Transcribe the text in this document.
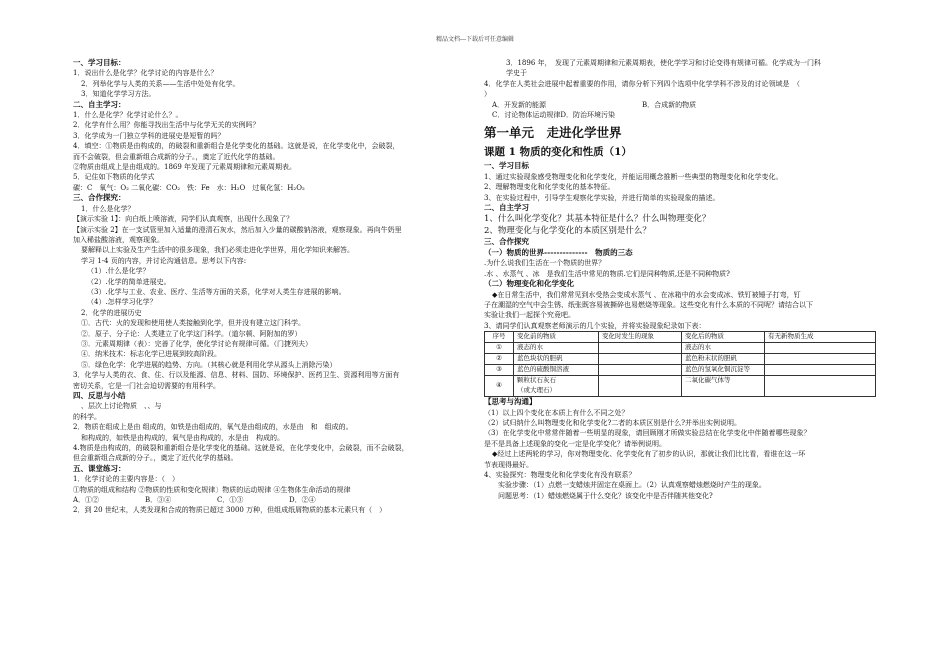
精品文档---下载后可任意编辑
一、学习目标：
1．说出什么是化学？化学讨论的内容是什么？
2．列举化学与人类的关系——生活中处处有化学。
3．知道化学学习方法。
二、自主学习：
1．什么是化学？化学讨论什么？。
2．化学有什么用？你能寻找出生活中与化学无关的实例吗？
3．化学成为一门独立学科的进展史是短暂的吗？
4．填空：①物质是由构成的，的破裂和重新组合是化学变化的基础。这就是说，在化学变化中，会破裂，
而不会破裂，但会重新组合成新的分子。，奠定了近代化学的基础。
②物质由组成上是由组成的。1869 年发现了元素周期律和元素周期表。
5．记住如下物质的化学式
碳：C　氧气：O₂ 二氧化碳：CO₂　铁：Fe　水：H₂O　过氧化氢：H₂O₂
三、合作探究：
1．什么是化学？
【演示实验 1】：向白纸上喷溶液，同学们认真观察，出现什么现象了？
【演示实验 2】在一支试管里加入适量的澄清石灰水，然后加入少量的碳酸钠溶液，观察现象。再向牛奶里
加入稀盐酸溶液，观察现象。
要解释以上实验及生产生活中的很多现象，我们必须走进化学世界，用化学知识来解答。
学习 1-4 页的内容，并讨论沟通信息。思考以下内容:
（1）.什么是化学？
（2）.化学的简单进展史。
（3）.化学与工业、农业、医疗、生活等方面的关系，化学对人类生存进展的影响。
（4）.怎样学习化学？
2．化学的进展历史
①．古代：火的发现和使用使人类接触到化学，但并没有建立这门科学。
②．原子、分子论：人类建立了化学这门科学。（道尔顿、阿附加的罗）
③．元素周期律（表）：完善了化学，使化学讨论有规律可循。（门捷列夫）
④．纳米技术：标志化学已进展到较高阶段。
⑤．绿色化学：化学进展的趋势、方向。（其核心就是利用化学从源头上消除污染）
3．化学与人类的衣、食、住、行以及能源、信息、材料、国防、环境保护、医药卫生、资源利用等方面有
密切关系，它是一门社会迫切需要的有用科学。
四、反思与小结
、层次上讨论物质　、、与
的科学。
2．物质在组成上是由 组成的，如铁是由组成的，氧气是由组成的，水是由　和　组成的。
和构成的，如铁是由构成的，氧气是由构成的，水是由　构成的。
4.物质是由构成的，的破裂和重新组合是化学变化的基础。这就是说，在化学变化中，会破裂，而不会破裂，
但会重新组合成新的分子。，奠定了近代化学的基础。
五、课堂练习：
1．化学讨论的主要内容是：（　）
①物质的组成和结构 ②物质的性质和变化规律〕物质的运动规律 ④生物体生命活动的规律
A．①②	B．③④	C．①③	D．②④
2．到 20 世纪末，人类发现和合成的物质已超过 3000 万种，但组成纸屑物质的基本元素只有（　）
3．1896 年，　发现了元素周期律和元素周期表，使化学学习和讨论变得有规律可循。化学成为一门科
学史于
4．化学在人类社会进展中起着重要的作用，请你分析下列四个选项中化学学科不涉及的讨论领域是　（
）
A．开发新的能源	B．合成新的物质
C．讨论物体运动规律 D．防治环境污染
第一单元　走进化学世界
课题 1 物质的变化和性质（1）
一、学习目标
1、通过实验现象感受物理变化和化学变化，并能运用概念推断一些典型的物理变化和化学变化。
2、理解物理变化和化学变化的基本特征。
3、在实验过程中，引导学生观察化学实验，并进行简单的实验现象的描述。
二、自主学习
1、什么叫化学变化？其基本特征是什么？什么叫物理变化？
2、物理变化与化学变化的本质区别是什么？
三、合作探究
（一）物质的世界--------------　物质的三态
.为什么说我们生活在一个物质的世界？
.水 、水蒸气 、冰　是我们生活中常见的物质.它们是同种物质,还是不同种物质?
（二）物理变化和化学变化
◆在日常生活中，我们常常见到水受热会变成水蒸气 、在冰箱中的水会变成冰、铁钉被锤子打弯，钉
子在潮湿的空气中会生锈、纸张既容易被撕碎也易燃烧等现象。这些变化有什么本质的不同呢？请结合以下
实验让我们一起探个究竟吧。
3、请同学们认真观察老师演示的几个实验，并将实验现象纪录如下表：
序号	变化前的物质	变化时发生的现象	变化后的物质	有无新物质生成
①	液态的水		液态的水	
②	蓝色块状的胆矾		蓝色粉末状的胆矾	
③	蓝色的硫酸铜溶液		蓝色的氢氧化铜沉淀等	
④	颗粒状石灰石
（或大理石）		二氧化碳气体等	
【思考与沟通】
（1）以上四个变化在本质上有什么不同之处？
（2）试归纳什么叫物理变化和化学变化?二者的本质区别是什么?并举出实例说明。
（3）在化学变化中常常伴随着一些明显的现象，请回顾刚才所做实验总结在化学变化中伴随着哪些现象？
是不是具备上述现象的变化一定是化学变化？请举例说明。
◆经过上述两轮的学习，你对物理变化、化学变化有了初步的认识，那就让我们比比看，看谁在这一环
节表现得最好。
4、实验探究：物理变化和化学变化有没有联系？
实验步骤：（1）点燃一支蜡烛并固定在桌面上。（2）认真观察蜡烛燃烧时产生的现象。
问题思考：（1）蜡烛燃烧属于什么变化？该变化中是否伴随其他变化?
